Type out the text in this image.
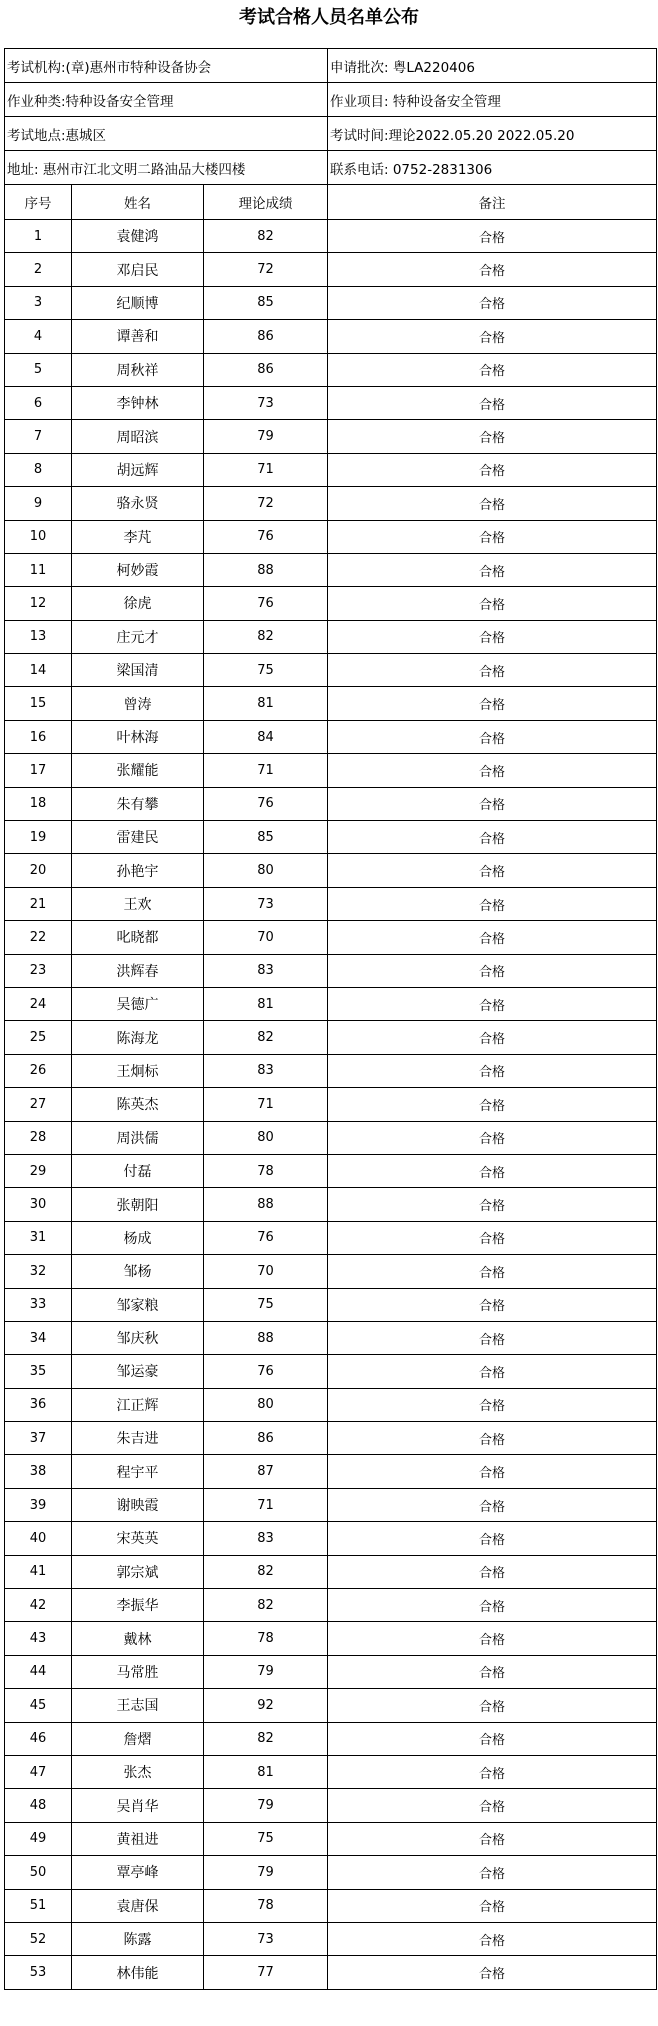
考试合格人员名单公布
考试机构:(章)惠州市特种设备协会			申请批次: 粤LA220406
作业种类:特种设备安全管理			作业项目: 特种设备安全管理
考试地点:惠城区			考试时间:理论2022.05.20 2022.05.20
地址: 惠州市江北文明二路油品大楼四楼			联系电话: 0752-2831306
序号	姓名	理论成绩	备注
1	袁健鸿	82	合格
2	邓启民	72	合格
3	纪顺博	85	合格
4	谭善和	86	合格
5	周秋祥	86	合格
6	李钟林	73	合格
7	周昭滨	79	合格
8	胡远辉	71	合格
9	骆永贤	72	合格
10	李芃	76	合格
11	柯妙霞	88	合格
12	徐虎	76	合格
13	庄元才	82	合格
14	梁国清	75	合格
15	曾涛	81	合格
16	叶林海	84	合格
17	张耀能	71	合格
18	朱有攀	76	合格
19	雷建民	85	合格
20	孙艳宇	80	合格
21	王欢	73	合格
22	叱晓都	70	合格
23	洪辉春	83	合格
24	吴德广	81	合格
25	陈海龙	82	合格
26	王炯标	83	合格
27	陈英杰	71	合格
28	周洪儒	80	合格
29	付磊	78	合格
30	张朝阳	88	合格
31	杨成	76	合格
32	邹杨	70	合格
33	邹家粮	75	合格
34	邹庆秋	88	合格
35	邹运豪	76	合格
36	江正辉	80	合格
37	朱吉进	86	合格
38	程宇平	87	合格
39	谢映霞	71	合格
40	宋英英	83	合格
41	郭宗斌	82	合格
42	李振华	82	合格
43	戴林	78	合格
44	马常胜	79	合格
45	王志国	92	合格
46	詹熠	82	合格
47	张杰	81	合格
48	吴肖华	79	合格
49	黄祖进	75	合格
50	覃亭峰	79	合格
51	袁唐保	78	合格
52	陈露	73	合格
53	林伟能	77	合格
